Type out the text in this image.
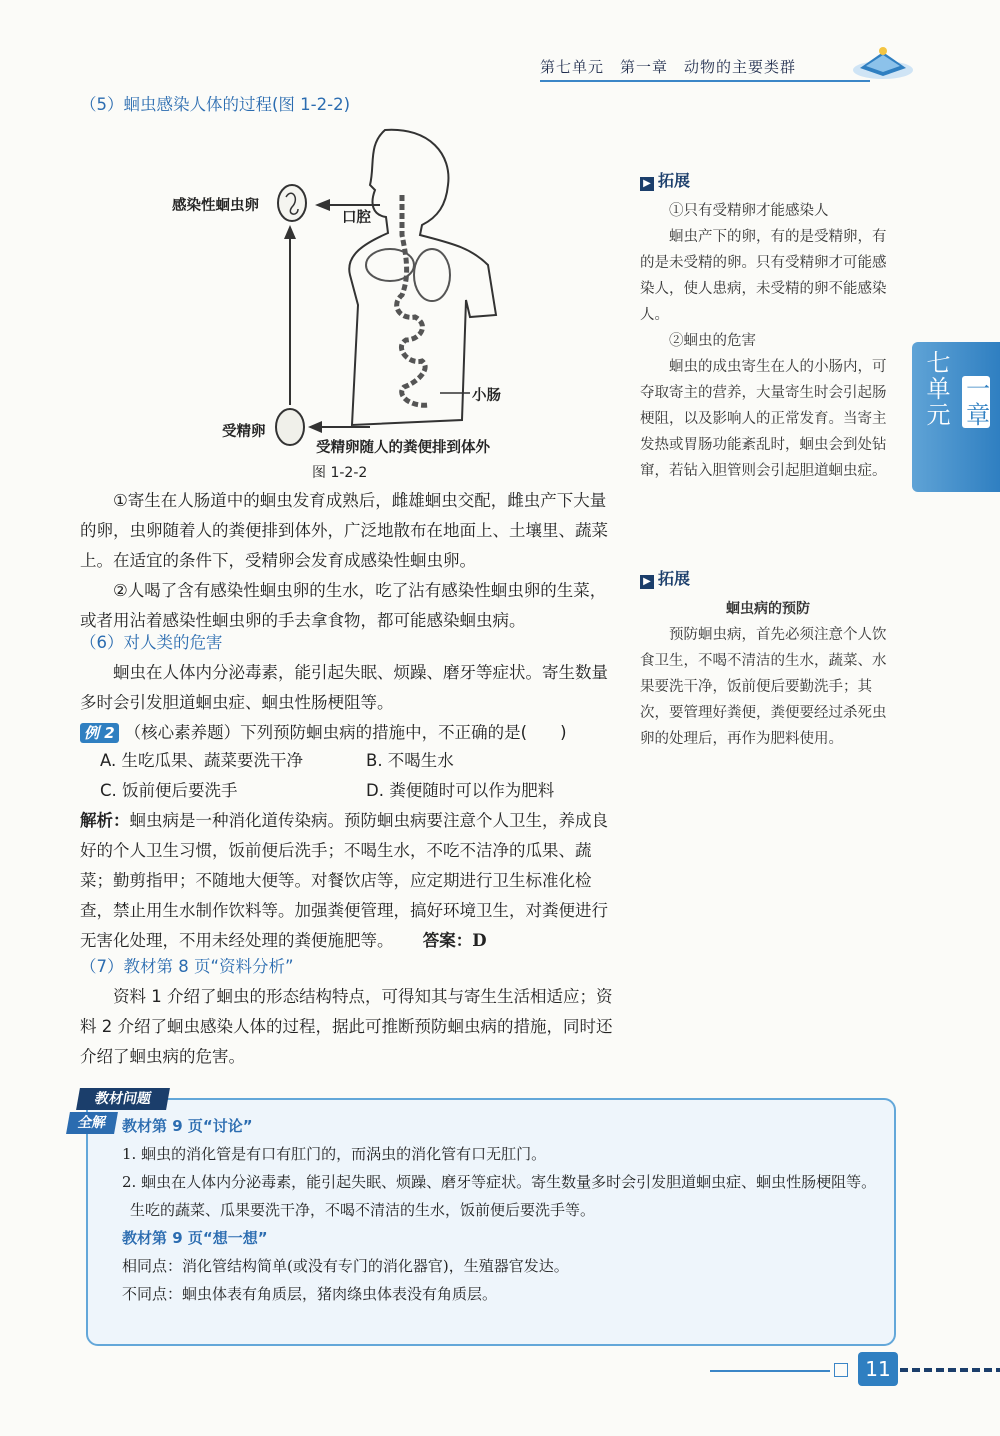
第七单元　第一章　动物的主要类群
七单元 一章
（5）蛔虫感染人体的过程(图 1-2-2)
感染性蛔虫卵
口腔
小肠
受精卵
受精卵随人的粪便排到体外
图 1-2-2

①寄生在人肠道中的蛔虫发育成熟后，雌雄蛔虫交配，雌虫产下大量的卵，虫卵随着人的粪便排到体外，广泛地散布在地面上、土壤里、蔬菜上。在适宜的条件下，受精卵会发育成感染性蛔虫卵。

②人喝了含有感染性蛔虫卵的生水，吃了沾有感染性蛔虫卵的生菜，或者用沾着感染性蛔虫卵的手去拿食物，都可能感染蛔虫病。

（6）对人类的危害

蛔虫在人体内分泌毒素，能引起失眠、烦躁、磨牙等症状。寄生数量多时会引发胆道蛔虫症、蛔虫性肠梗阻等。

例 2 （核心素养题）下列预防蛔虫病的措施中，不正确的是(　　)
A. 生吃瓜果、蔬菜要洗干净	B. 不喝生水
C. 饭前便后要洗手	D. 粪便随时可以作为肥料
解析：蛔虫病是一种消化道传染病。预防蛔虫病要注意个人卫生，养成良好的个人卫生习惯，饭前便后洗手；不喝生水，不吃不洁净的瓜果、蔬菜；勤剪指甲；不随地大便等。对餐饮店等，应定期进行卫生标准化检查，禁止用生水制作饮料等。加强粪便管理，搞好环境卫生，对粪便进行无害化处理，不用未经处理的粪便施肥等。 答案：D
（7）教材第 8 页“资料分析”

资料 1 介绍了蛔虫的形态结构特点，可得知其与寄生生活相适应；资料 2 介绍了蛔虫感染人体的过程，据此可推断预防蛔虫病的措施，同时还介绍了蛔虫病的危害。

▶ 拓展
①只有受精卵才能感染人
蛔虫产下的卵，有的是受精卵，有的是未受精的卵。只有受精卵才可能感染人，使人患病，未受精的卵不能感染人。
②蛔虫的危害
蛔虫的成虫寄生在人的小肠内，可夺取寄主的营养，大量寄生时会引起肠梗阻，以及影响人的正常发育。当寄主发热或胃肠功能紊乱时，蛔虫会到处钻窜，若钻入胆管则会引起胆道蛔虫症。
▶ 拓展
蛔虫病的预防
预防蛔虫病，首先必须注意个人饮食卫生，不喝不清洁的生水，蔬菜、水果要洗干净，饭前便后要勤洗手；其次，要管理好粪便，粪便要经过杀死虫卵的处理后，再作为肥料使用。
教材问题
全解 教材第 9 页“讨论”
1. 蛔虫的消化管是有口有肛门的，而涡虫的消化管有口无肛门。
2. 蛔虫在人体内分泌毒素，能引起失眠、烦躁、磨牙等症状。寄生数量多时会引发胆道蛔虫症、蛔虫性肠梗阻等。
生吃的蔬菜、瓜果要洗干净，不喝不清洁的生水，饭前便后要洗手等。
教材第 9 页“想一想”
相同点：消化管结构简单(或没有专门的消化器官)，生殖器官发达。
不同点：蛔虫体表有角质层，猪肉绦虫体表没有角质层。
11
